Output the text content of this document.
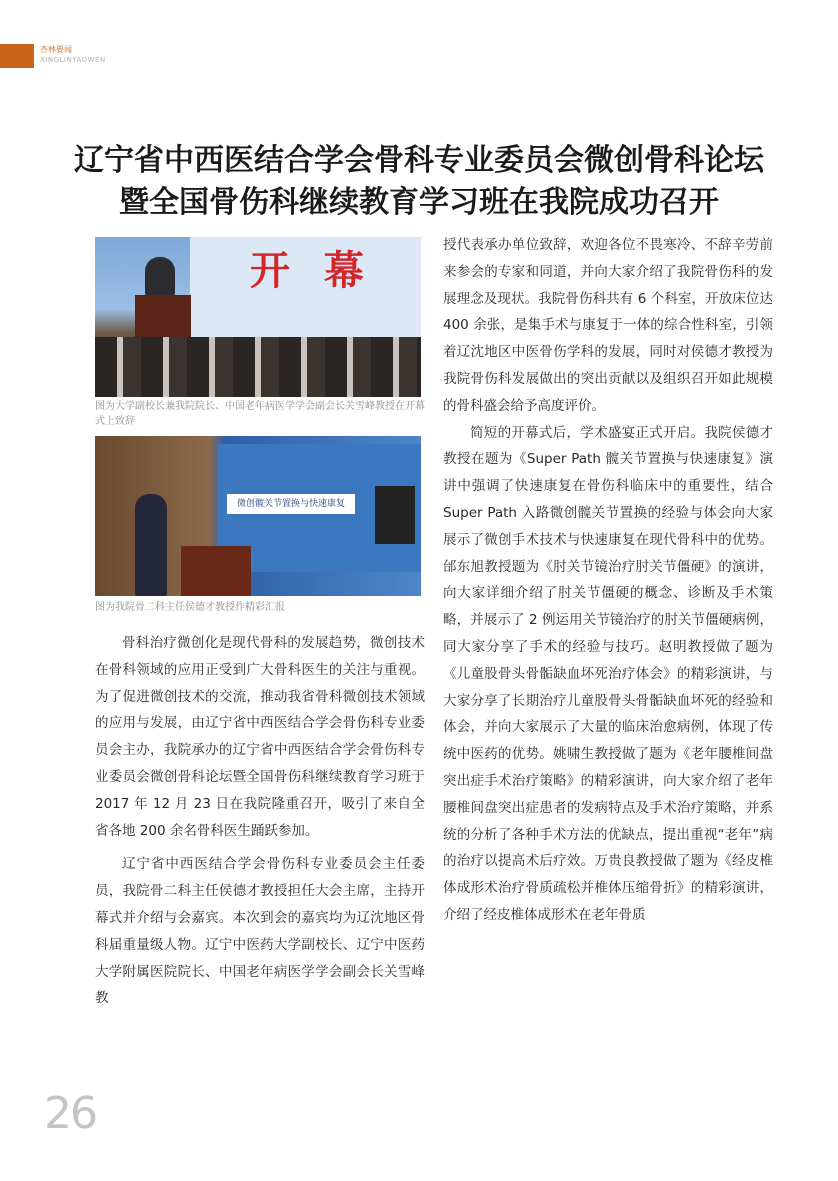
杏林要闻
XINGLINYAOWEN
辽宁省中西医结合学会骨科专业委员会微创骨科论坛
暨全国骨伤科继续教育学习班在我院成功召开
开 幕
图为大学副校长兼我院院长、中国老年病医学学会副会长关雪峰教授在开幕式上致辞
微创髋关节置换与快速康复
图为我院骨二科主任侯德才教授作精彩汇报

骨科治疗微创化是现代骨科的发展趋势，微创技术在骨科领域的应用正受到广大骨科医生的关注与重视。为了促进微创技术的交流，推动我省骨科微创技术领域的应用与发展，由辽宁省中西医结合学会骨伤科专业委员会主办，我院承办的辽宁省中西医结合学会骨伤科专业委员会微创骨科论坛暨全国骨伤科继续教育学习班于 2017 年 12 月 23 日在我院隆重召开，吸引了来自全省各地 200 余名骨科医生踊跃参加。

辽宁省中西医结合学会骨伤科专业委员会主任委员，我院骨二科主任侯德才教授担任大会主席，主持开幕式并介绍与会嘉宾。本次到会的嘉宾均为辽沈地区骨科届重量级人物。辽宁中医药大学副校长、辽宁中医药大学附属医院院长、中国老年病医学学会副会长关雪峰教

授代表承办单位致辞，欢迎各位不畏寒冷、不辞辛劳前来参会的专家和同道，并向大家介绍了我院骨伤科的发展理念及现状。我院骨伤科共有 6 个科室，开放床位达 400 余张，是集手术与康复于一体的综合性科室，引领着辽沈地区中医骨伤学科的发展，同时对侯德才教授为我院骨伤科发展做出的突出贡献以及组织召开如此规模的骨科盛会给予高度评价。

简短的开幕式后，学术盛宴正式开启。我院侯德才教授在题为《Super Path 髋关节置换与快速康复》演讲中强调了快速康复在骨伤科临床中的重要性，结合 Super Path 入路微创髋关节置换的经验与体会向大家展示了微创手术技术与快速康复在现代骨科中的优势。邰东旭教授题为《肘关节镜治疗肘关节僵硬》的演讲，向大家详细介绍了肘关节僵硬的概念、诊断及手术策略，并展示了 2 例运用关节镜治疗的肘关节僵硬病例，同大家分享了手术的经验与技巧。赵明教授做了题为《儿童股骨头骨骺缺血坏死治疗体会》的精彩演讲，与大家分享了长期治疗儿童股骨头骨骺缺血坏死的经验和体会，并向大家展示了大量的临床治愈病例，体现了传统中医药的优势。姚啸生教授做了题为《老年腰椎间盘突出症手术治疗策略》的精彩演讲，向大家介绍了老年腰椎间盘突出症患者的发病特点及手术治疗策略，并系统的分析了各种手术方法的优缺点，提出重视“老年”病的治疗以提高术后疗效。万贵良教授做了题为《经皮椎体成形术治疗骨质疏松并椎体压缩骨折》的精彩演讲，介绍了经皮椎体成形术在老年骨质

26
